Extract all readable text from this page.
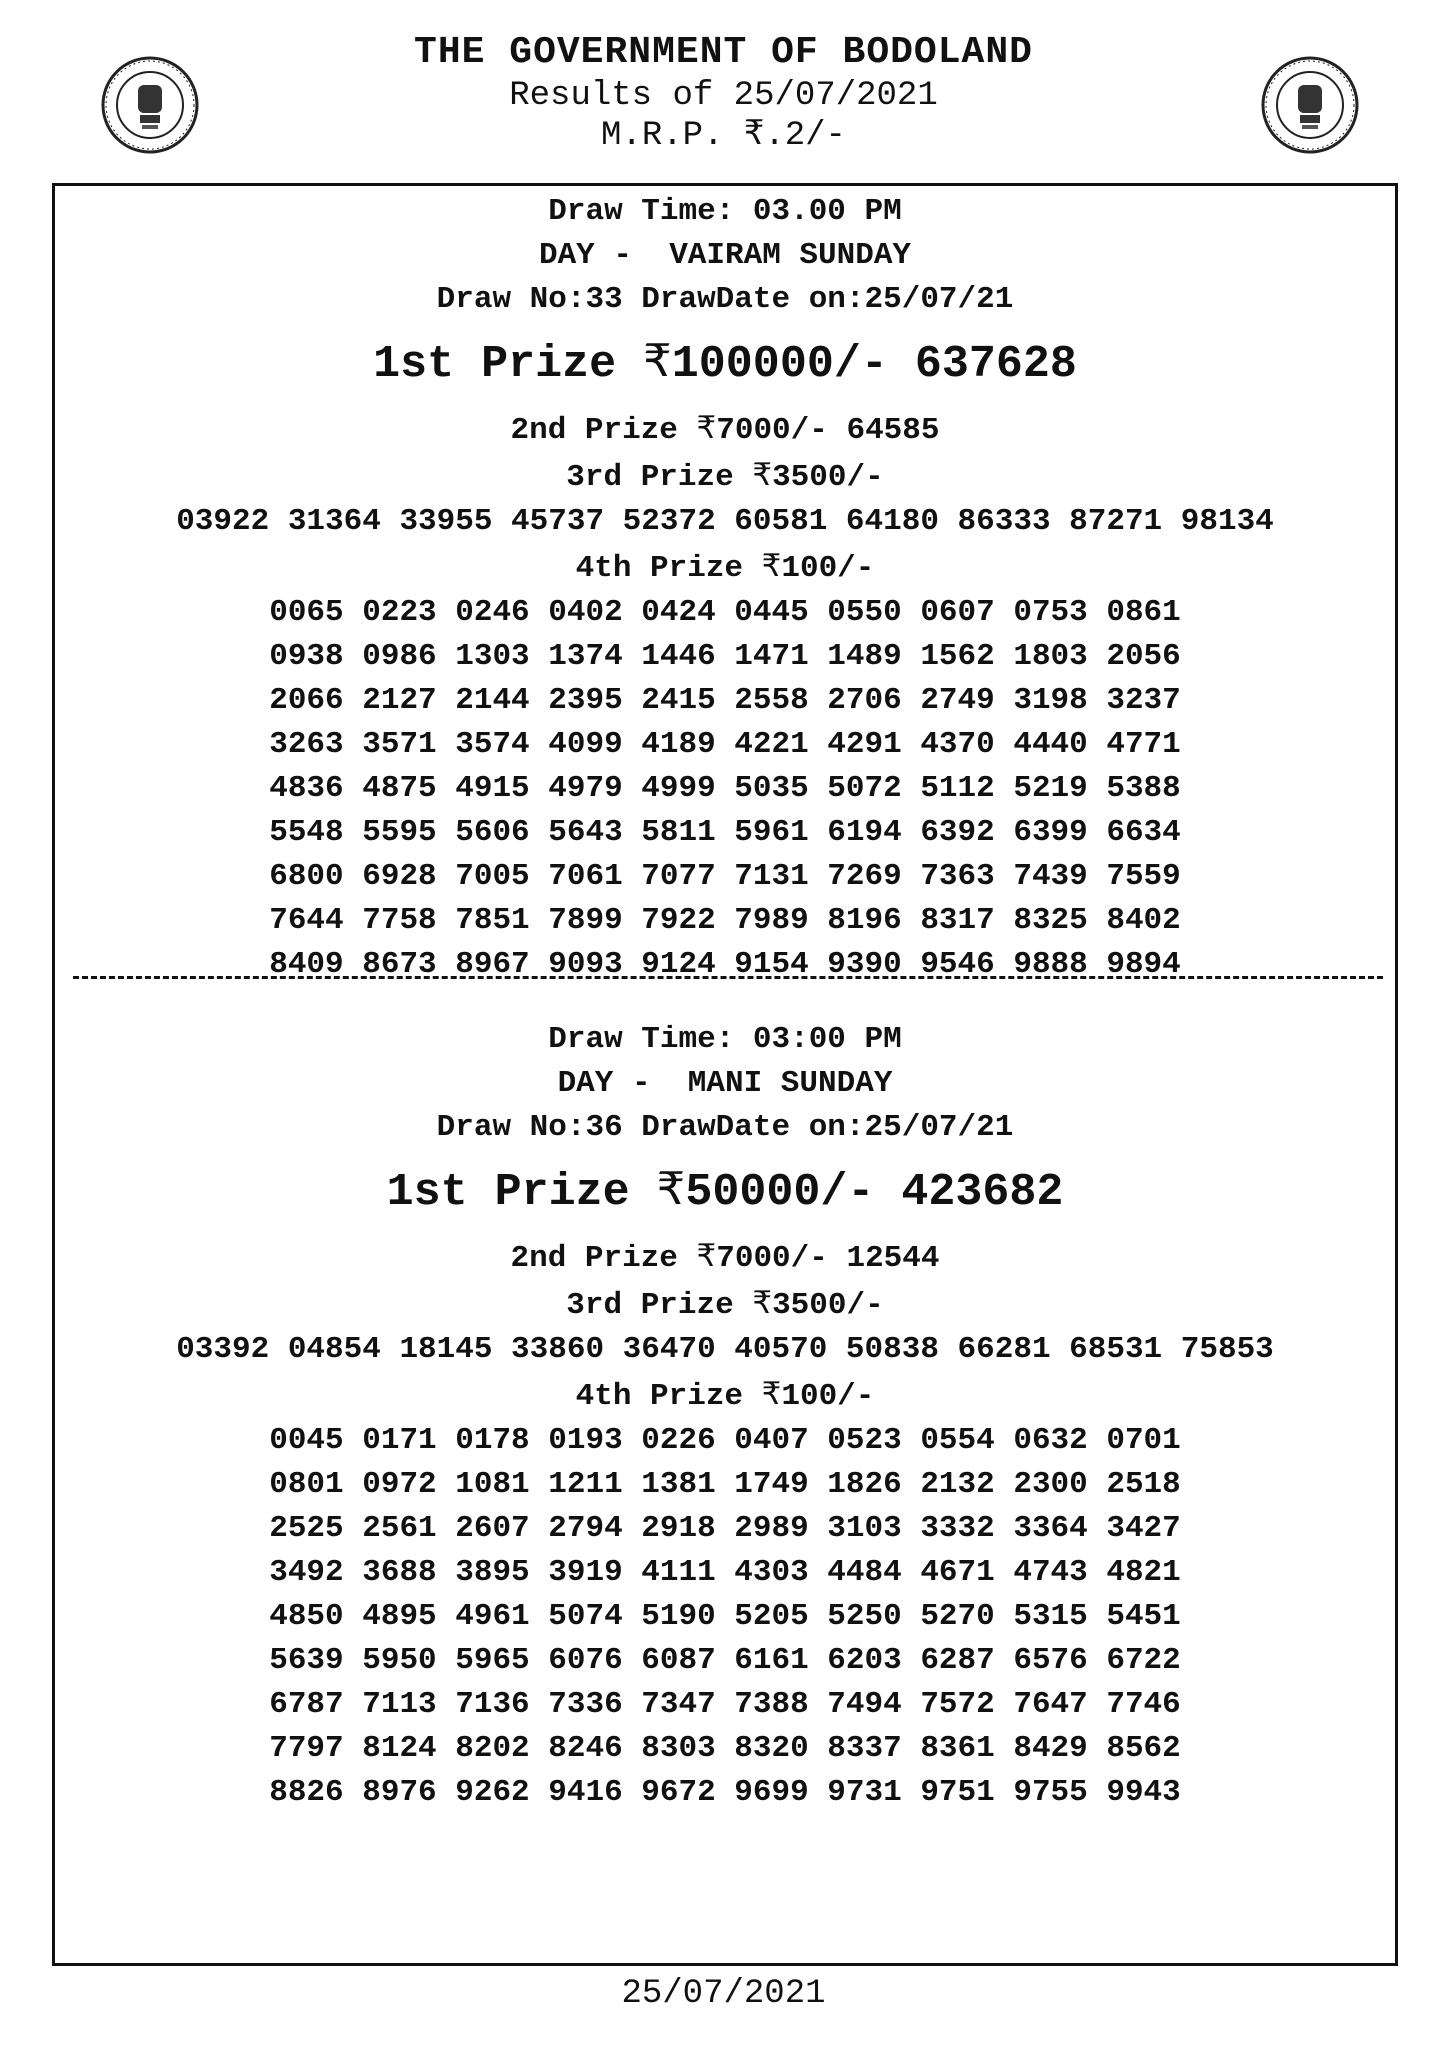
THE GOVERNMENT OF BODOLAND
Results of 25/07/2021
M.R.P. ₹.2/-
Draw Time: 03.00 PM
DAY -  VAIRAM SUNDAY
Draw No:33 DrawDate on:25/07/21
1st Prize ₹100000/- 637628
2nd Prize ₹7000/- 64585
3rd Prize ₹3500/-
03922 31364 33955 45737 52372 60581 64180 86333 87271 98134
4th Prize ₹100/-
0065 0223 0246 0402 0424 0445 0550 0607 0753 0861
0938 0986 1303 1374 1446 1471 1489 1562 1803 2056
2066 2127 2144 2395 2415 2558 2706 2749 3198 3237
3263 3571 3574 4099 4189 4221 4291 4370 4440 4771
4836 4875 4915 4979 4999 5035 5072 5112 5219 5388
5548 5595 5606 5643 5811 5961 6194 6392 6399 6634
6800 6928 7005 7061 7077 7131 7269 7363 7439 7559
7644 7758 7851 7899 7922 7989 8196 8317 8325 8402
8409 8673 8967 9093 9124 9154 9390 9546 9888 9894
Draw Time: 03:00 PM
DAY -  MANI SUNDAY
Draw No:36 DrawDate on:25/07/21
1st Prize ₹50000/- 423682
2nd Prize ₹7000/- 12544
3rd Prize ₹3500/-
03392 04854 18145 33860 36470 40570 50838 66281 68531 75853
4th Prize ₹100/-
0045 0171 0178 0193 0226 0407 0523 0554 0632 0701
0801 0972 1081 1211 1381 1749 1826 2132 2300 2518
2525 2561 2607 2794 2918 2989 3103 3332 3364 3427
3492 3688 3895 3919 4111 4303 4484 4671 4743 4821
4850 4895 4961 5074 5190 5205 5250 5270 5315 5451
5639 5950 5965 6076 6087 6161 6203 6287 6576 6722
6787 7113 7136 7336 7347 7388 7494 7572 7647 7746
7797 8124 8202 8246 8303 8320 8337 8361 8429 8562
8826 8976 9262 9416 9672 9699 9731 9751 9755 9943
25/07/2021
